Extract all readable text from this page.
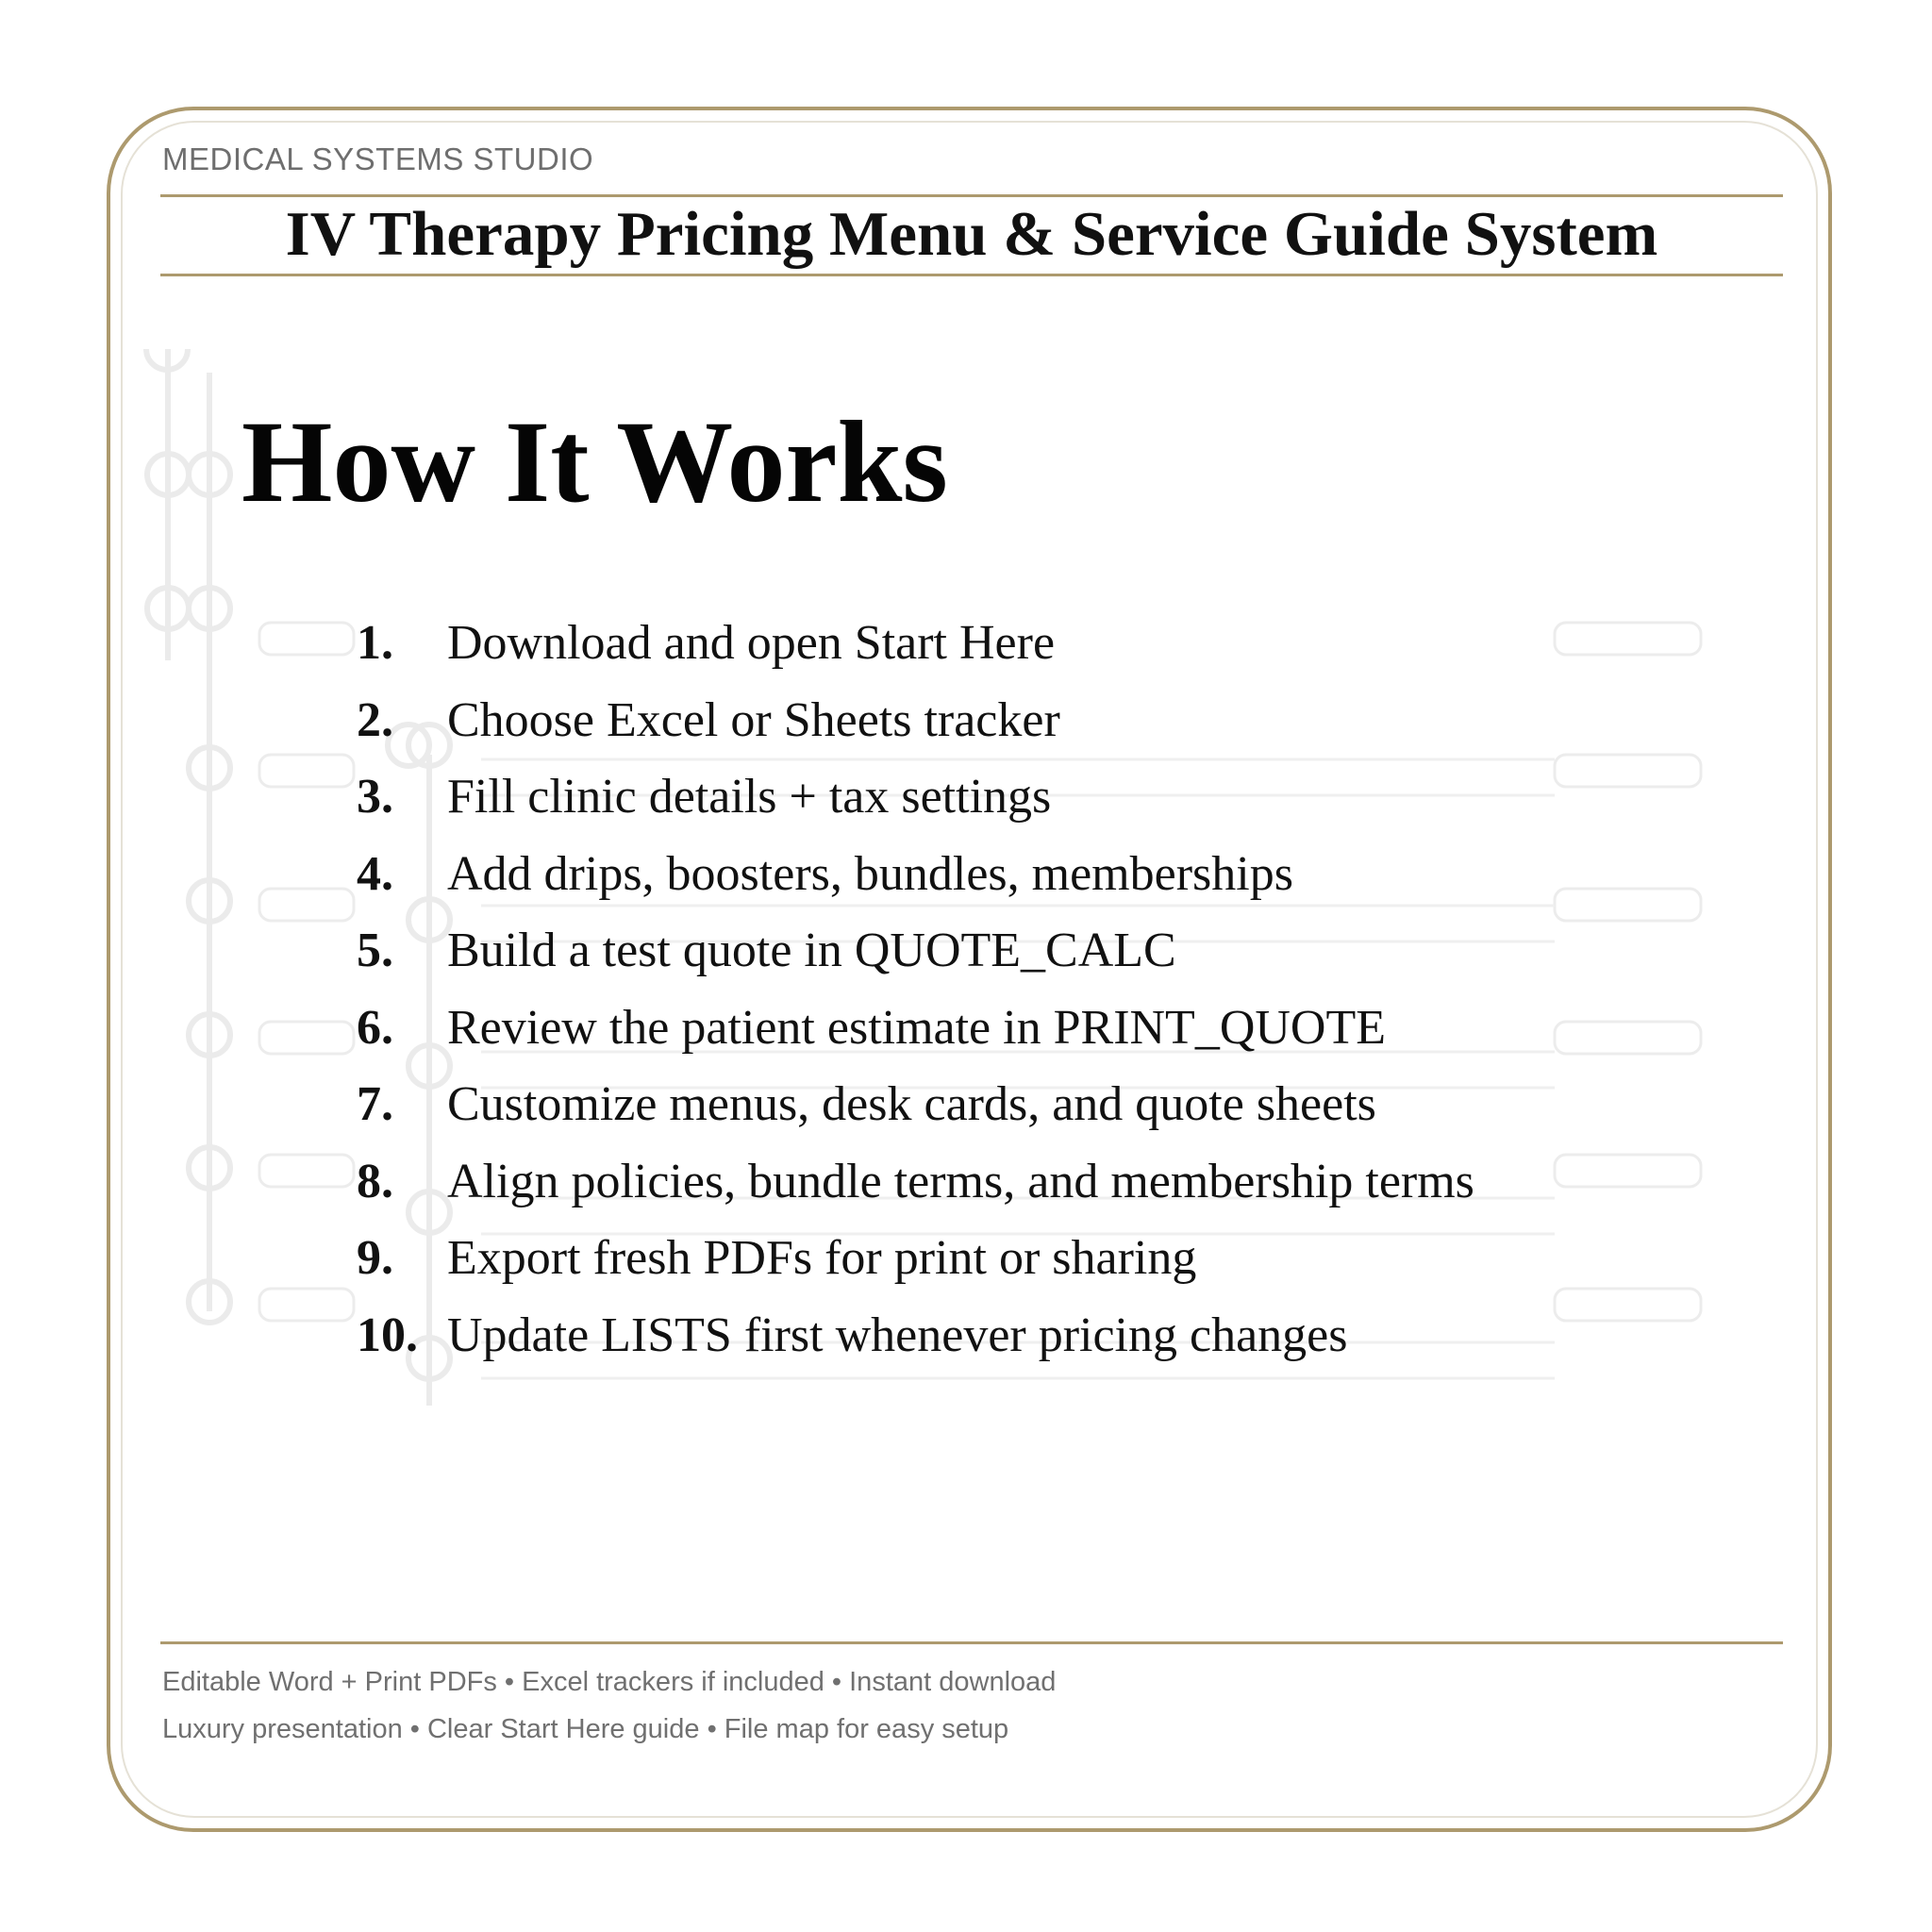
MEDICAL SYSTEMS STUDIO
IV Therapy Pricing Menu & Service Guide System
How It Works
1. Download and open Start Here
2. Choose Excel or Sheets tracker
3. Fill clinic details + tax settings
4. Add drips, boosters, bundles, memberships
5. Build a test quote in QUOTE_CALC
6. Review the patient estimate in PRINT_QUOTE
7. Customize menus, desk cards, and quote sheets
8. Align policies, bundle terms, and membership terms
9. Export fresh PDFs for print or sharing
10. Update LISTS first whenever pricing changes
Editable Word + Print PDFs • Excel trackers if included • Instant download
Luxury presentation • Clear Start Here guide • File map for easy setup
